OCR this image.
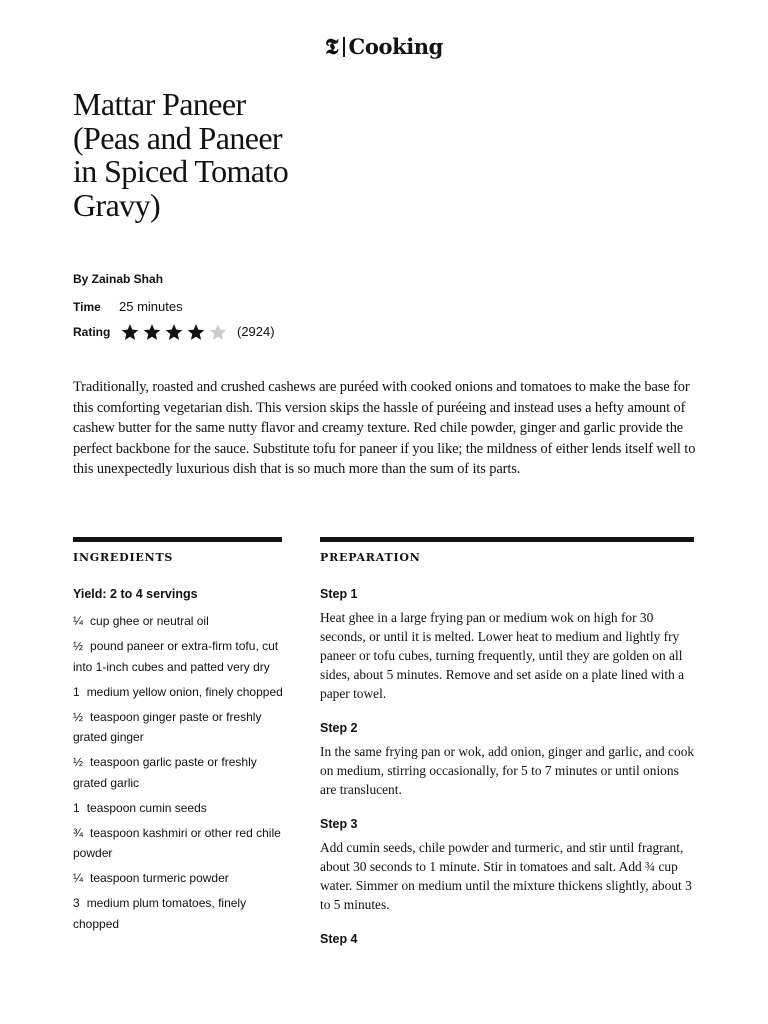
𝕿 Cooking
Mattar Paneer (Peas and Paneer in Spiced Tomato Gravy)
By Zainab Shah
Time	25 minutes
Rating	(2924)

Traditionally, roasted and crushed cashews are puréed with cooked onions and tomatoes to make the base for this comforting vegetarian dish. This version skips the hassle of puréeing and instead uses a hefty amount of cashew butter for the same nutty flavor and creamy texture. Red chile powder, ginger and garlic provide the perfect backbone for the sauce. Substitute tofu for paneer if you like; the mildness of either lends itself well to this unexpectedly luxurious dish that is so much more than the sum of its parts.

INGREDIENTS	PREPARATION
Yield: 2 to 4 servings
¼ cup ghee or neutral oil
½ pound paneer or extra-firm tofu, cut into 1-inch cubes and patted very dry
1 medium yellow onion, finely chopped
½ teaspoon ginger paste or freshly grated ginger
½ teaspoon garlic paste or freshly grated garlic
1 teaspoon cumin seeds
¾ teaspoon kashmiri or other red chile powder
¼ teaspoon turmeric powder
3 medium plum tomatoes, finely chopped
Step 1

Heat ghee in a large frying pan or medium wok on high for 30 seconds, or until it is melted. Lower heat to medium and lightly fry paneer or tofu cubes, turning frequently, until they are golden on all sides, about 5 minutes. Remove and set aside on a plate lined with a paper towel.

Step 2

In the same frying pan or wok, add onion, ginger and garlic, and cook on medium, stirring occasionally, for 5 to 7 minutes or until onions are translucent.

Step 3

Add cumin seeds, chile powder and turmeric, and stir until fragrant, about 30 seconds to 1 minute. Stir in tomatoes and salt. Add ¾ cup water. Simmer on medium until the mixture thickens slightly, about 3 to 5 minutes.

Step 4
